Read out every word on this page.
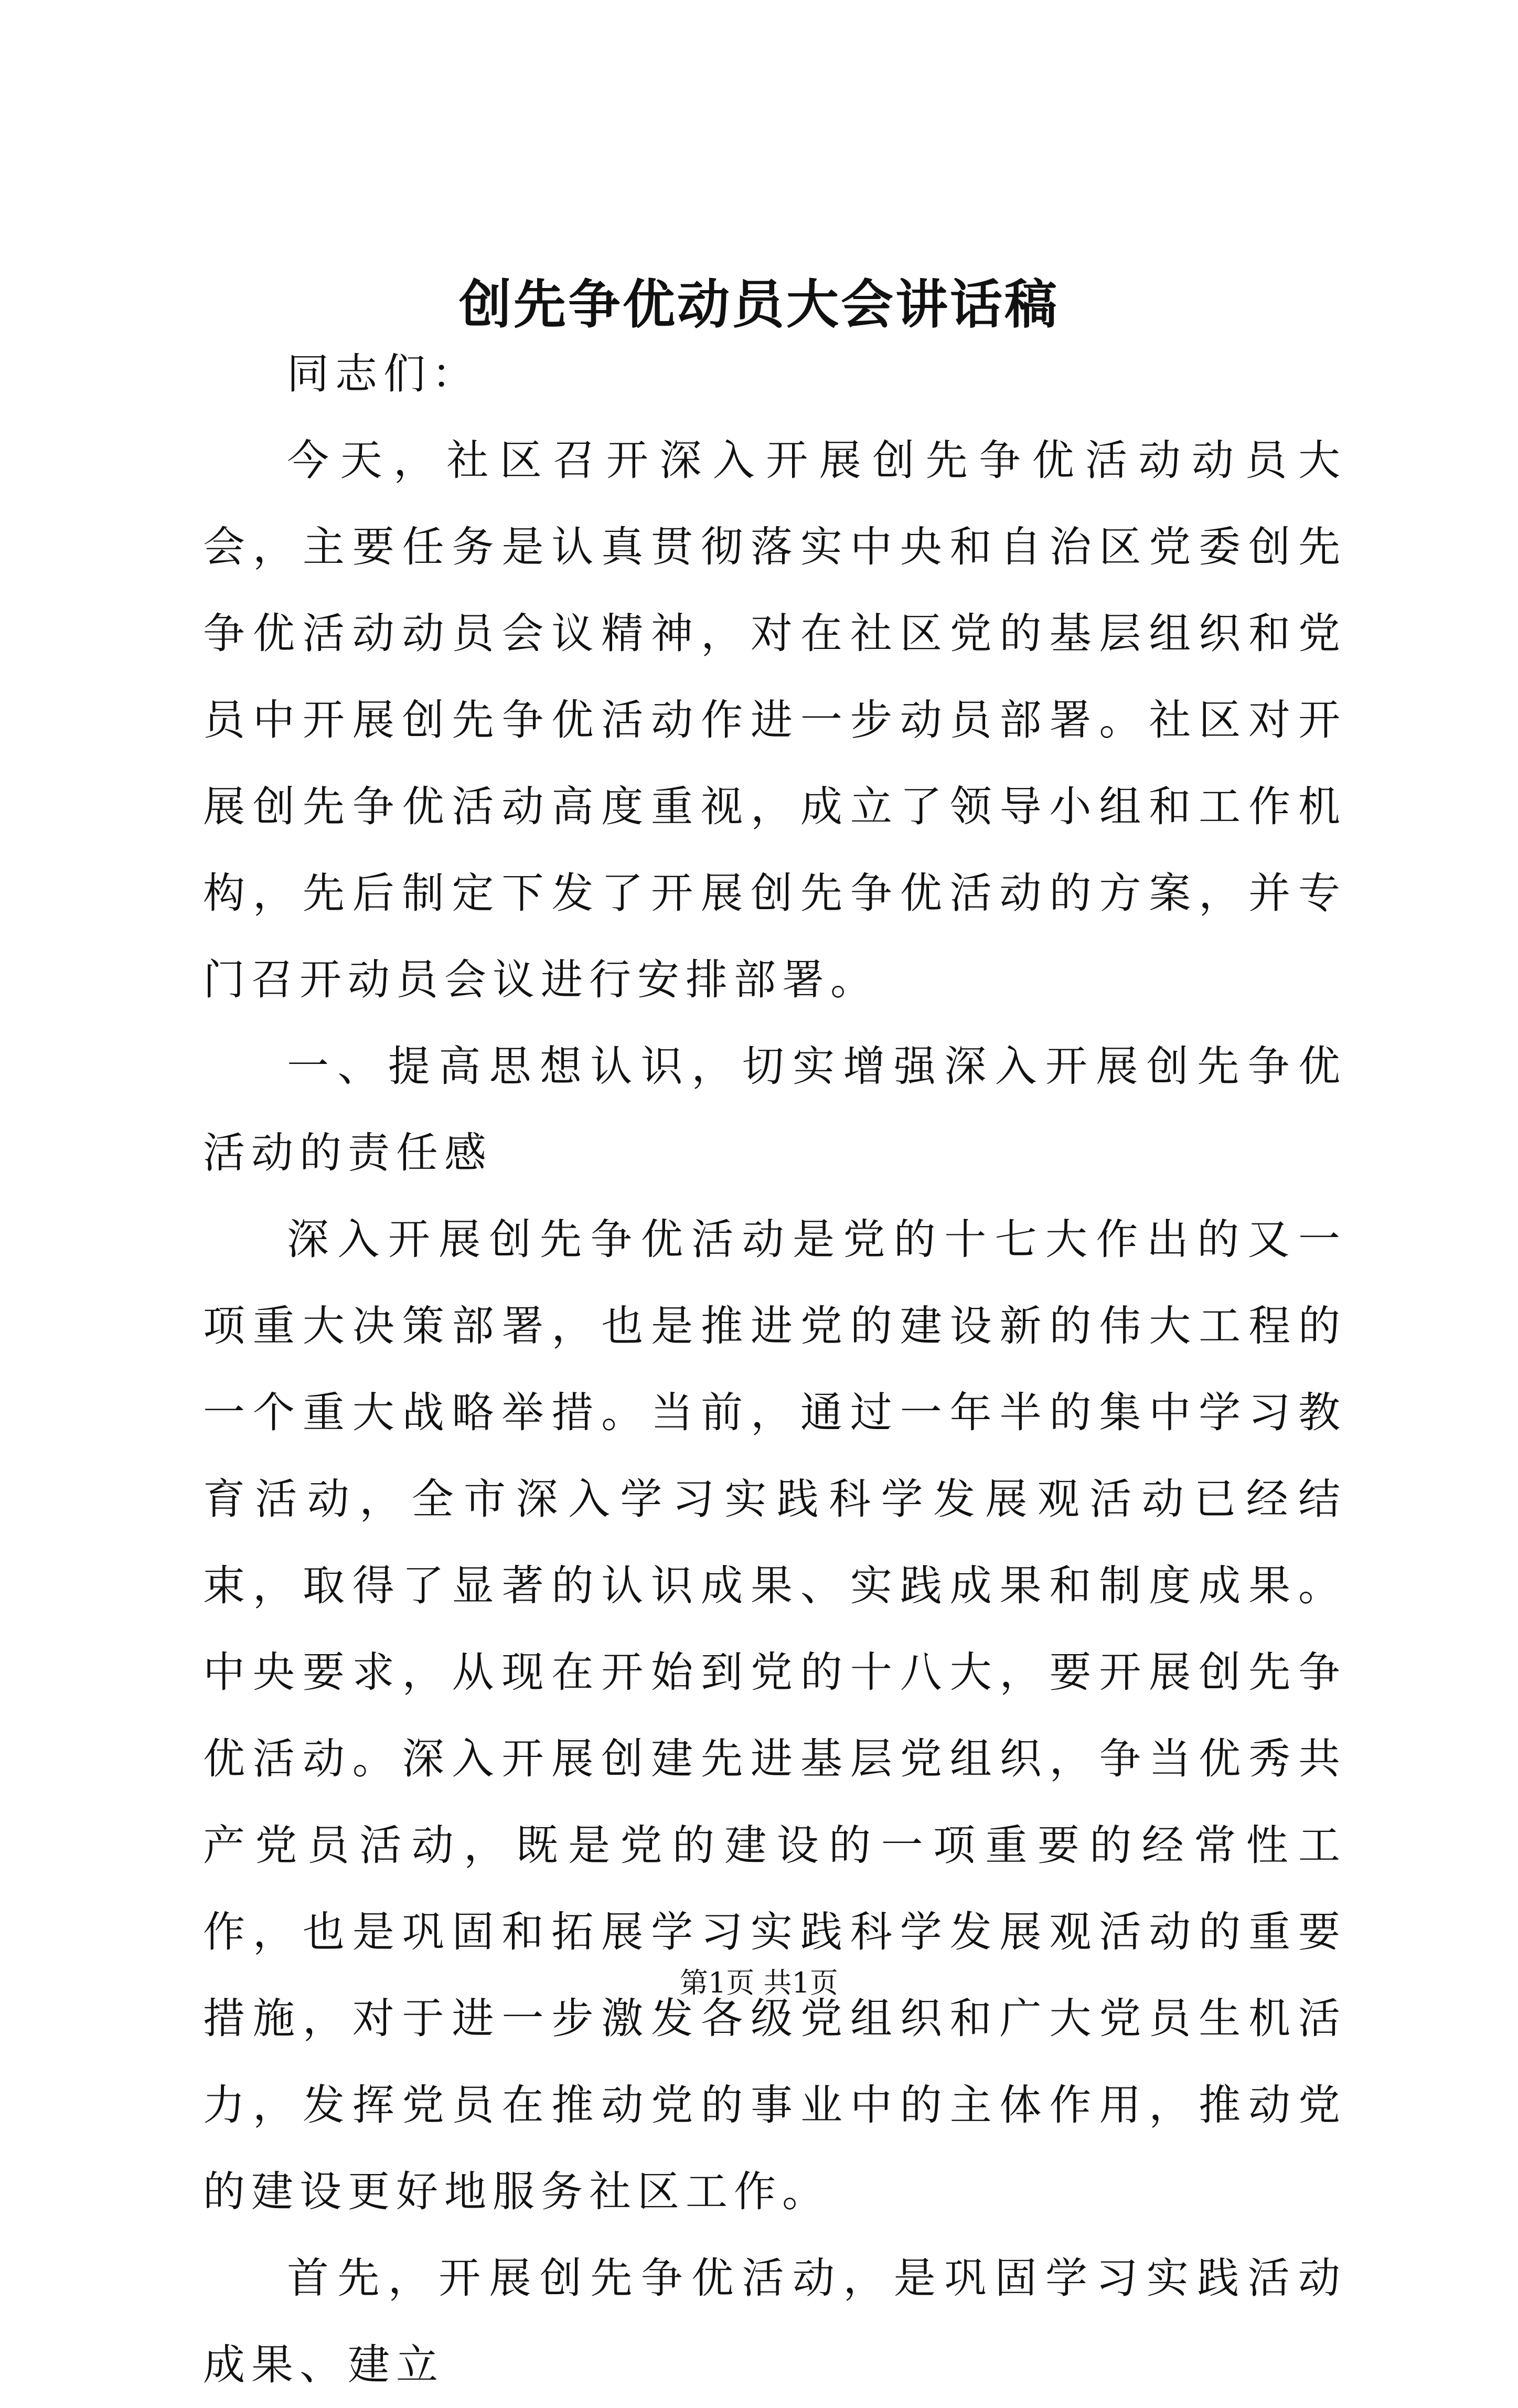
创先争优动员大会讲话稿

同志们：

今天，社区召开深入开展创先争优活动动员大会，主要任务是认真贯彻落实中央和自治区党委创先争优活动动员会议精神，对在社区党的基层组织和党员中开展创先争优活动作进一步动员部署。社区对开展创先争优活动高度重视，成立了领导小组和工作机构，先后制定下发了开展创先争优活动的方案，并专门召开动员会议进行安排部署。

一、提高思想认识，切实增强深入开展创先争优活动的责任感

深入开展创先争优活动是党的十七大作出的又一项重大决策部署，也是推进党的建设新的伟大工程的一个重大战略举措。当前，通过一年半的集中学习教育活动，全市深入学习实践科学发展观活动已经结束，取得了显著的认识成果、实践成果和制度成果。中央要求，从现在开始到党的十八大，要开展创先争优活动。深入开展创建先进基层党组织，争当优秀共产党员活动，既是党的建设的一项重要的经常性工作，也是巩固和拓展学习实践科学发展观活动的重要措施，对于进一步激发各级党组织和广大党员生机活力，发挥党员在推动党的事业中的主体作用，推动党的建设更好地服务社区工作。

首先，开展创先争优活动，是巩固学习实践活动成果、建立

第1页 共1页
